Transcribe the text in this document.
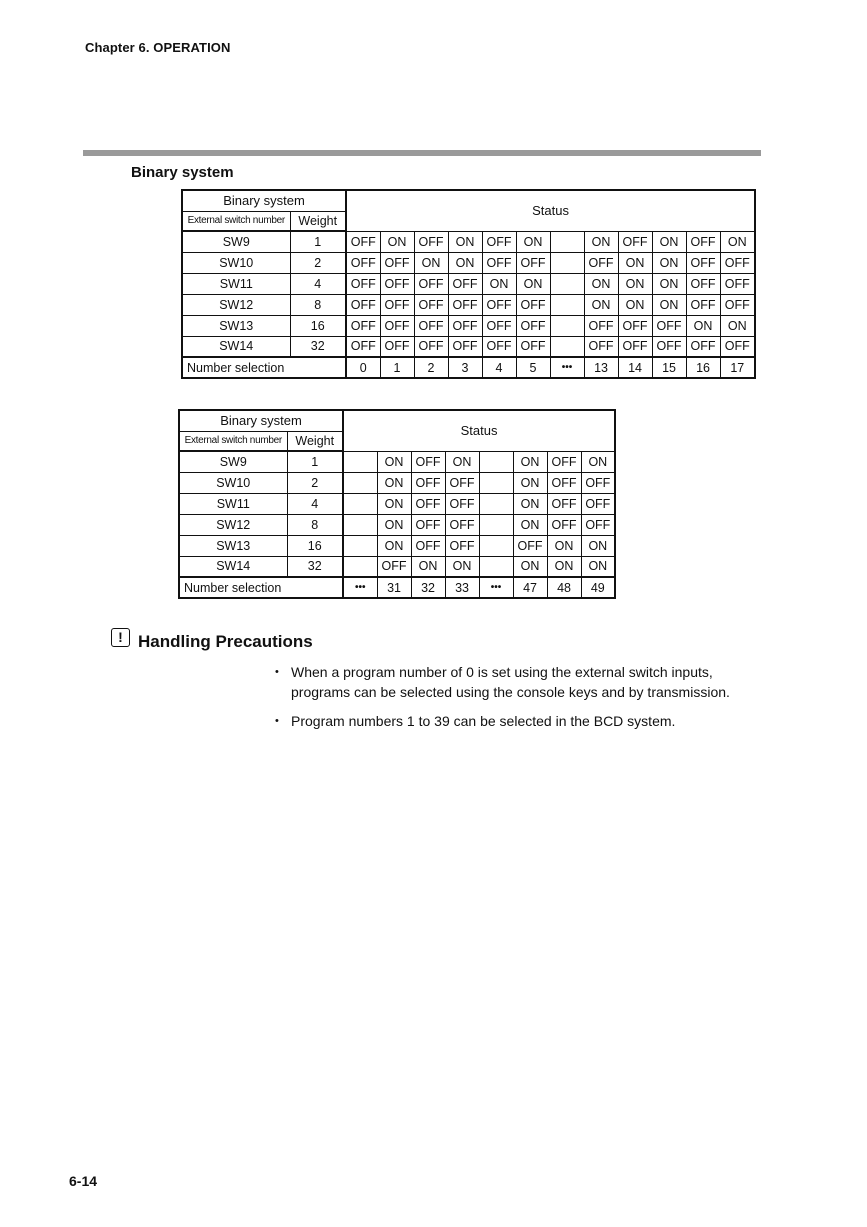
Chapter 6. OPERATION
Binary system
Binary system		Status											
External switch number	Weight												
SW9	1	OFF	ON	OFF	ON	OFF	ON		ON	OFF	ON	OFF	ON
SW10	2	OFF	OFF	ON	ON	OFF	OFF		OFF	ON	ON	OFF	OFF
SW11	4	OFF	OFF	OFF	OFF	ON	ON		ON	ON	ON	OFF	OFF
SW12	8	OFF	OFF	OFF	OFF	OFF	OFF		ON	ON	ON	OFF	OFF
SW13	16	OFF	OFF	OFF	OFF	OFF	OFF		OFF	OFF	OFF	ON	ON
SW14	32	OFF	OFF	OFF	OFF	OFF	OFF		OFF	OFF	OFF	OFF	OFF
Number selection		0	1	2	3	4	5	•••	13	14	15	16	17
Binary system		Status							
External switch number	Weight								
SW9	1		ON	OFF	ON		ON	OFF	ON
SW10	2		ON	OFF	OFF		ON	OFF	OFF
SW11	4		ON	OFF	OFF		ON	OFF	OFF
SW12	8		ON	OFF	OFF		ON	OFF	OFF
SW13	16		ON	OFF	OFF		OFF	ON	ON
SW14	32		OFF	ON	ON		ON	ON	ON
Number selection		•••	31	32	33	•••	47	48	49
! Handling Precautions
• When a program number of 0 is set using the external switch inputs, programs can be selected using the console keys and by transmission.
• Program numbers 1 to 39 can be selected in the BCD system.
6-14
